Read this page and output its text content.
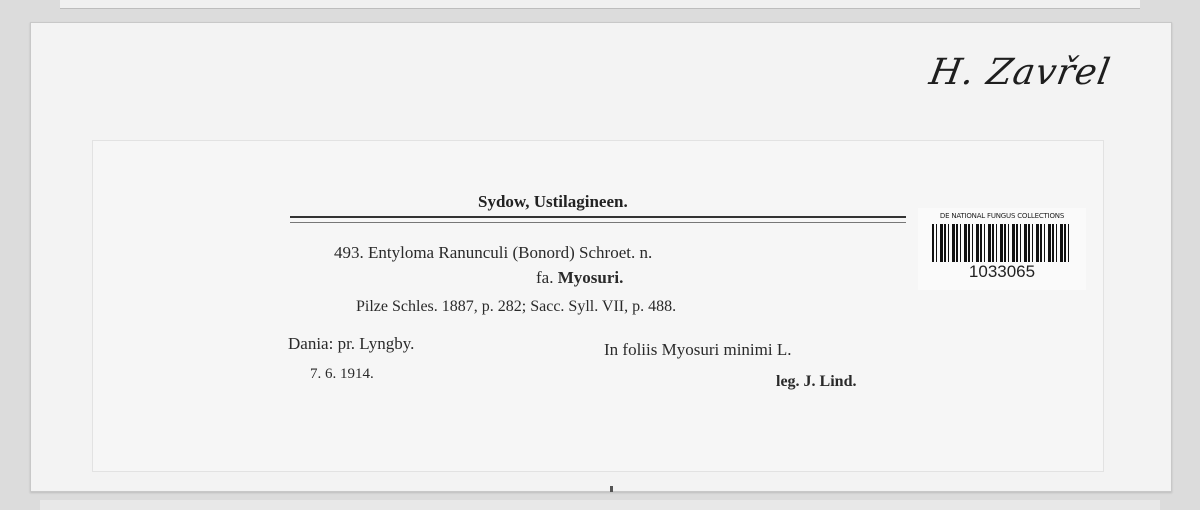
H. Zavřel
Sydow, Ustilagineen.
493. Entyloma Ranunculi (Bonord) Schroet. n.
fa. Myosuri.
Pilze Schles. 1887, p. 282; Sacc. Syll. VII, p. 488.
Dania: pr. Lyngby.	In foliis Myosuri minimi L.
7. 6. 1914.	leg. J. Lind.
DE NATIONAL FUNGUS COLLECTIONS
1033065
